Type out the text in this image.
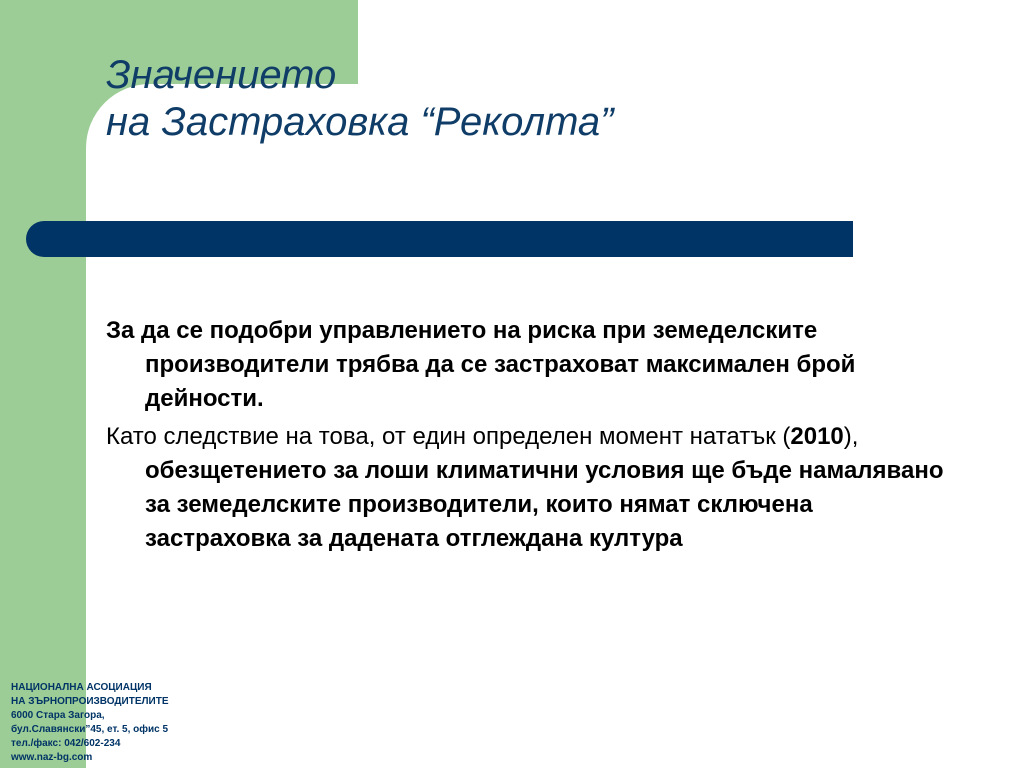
Значението
на Застраховка “Реколта”

За да се подобри управлението на риска при земеделските производители трябва да се застраховат максимален брой дейности.

Като следствие на това, от един определен момент нататък (2010), обезщетението за лоши климатични условия ще бъде намалявано за земеделските производители, които нямат сключена застраховка за дадената отглеждана култура

НАЦИОНАЛНА АСОЦИАЦИЯ
НА ЗЪРНОПРОИЗВОДИТЕЛИТЕ
6000 Стара Загора,
бул.Славянски”45, ет. 5, офис 5
тел./факс: 042/602-234
www.naz-bg.com
